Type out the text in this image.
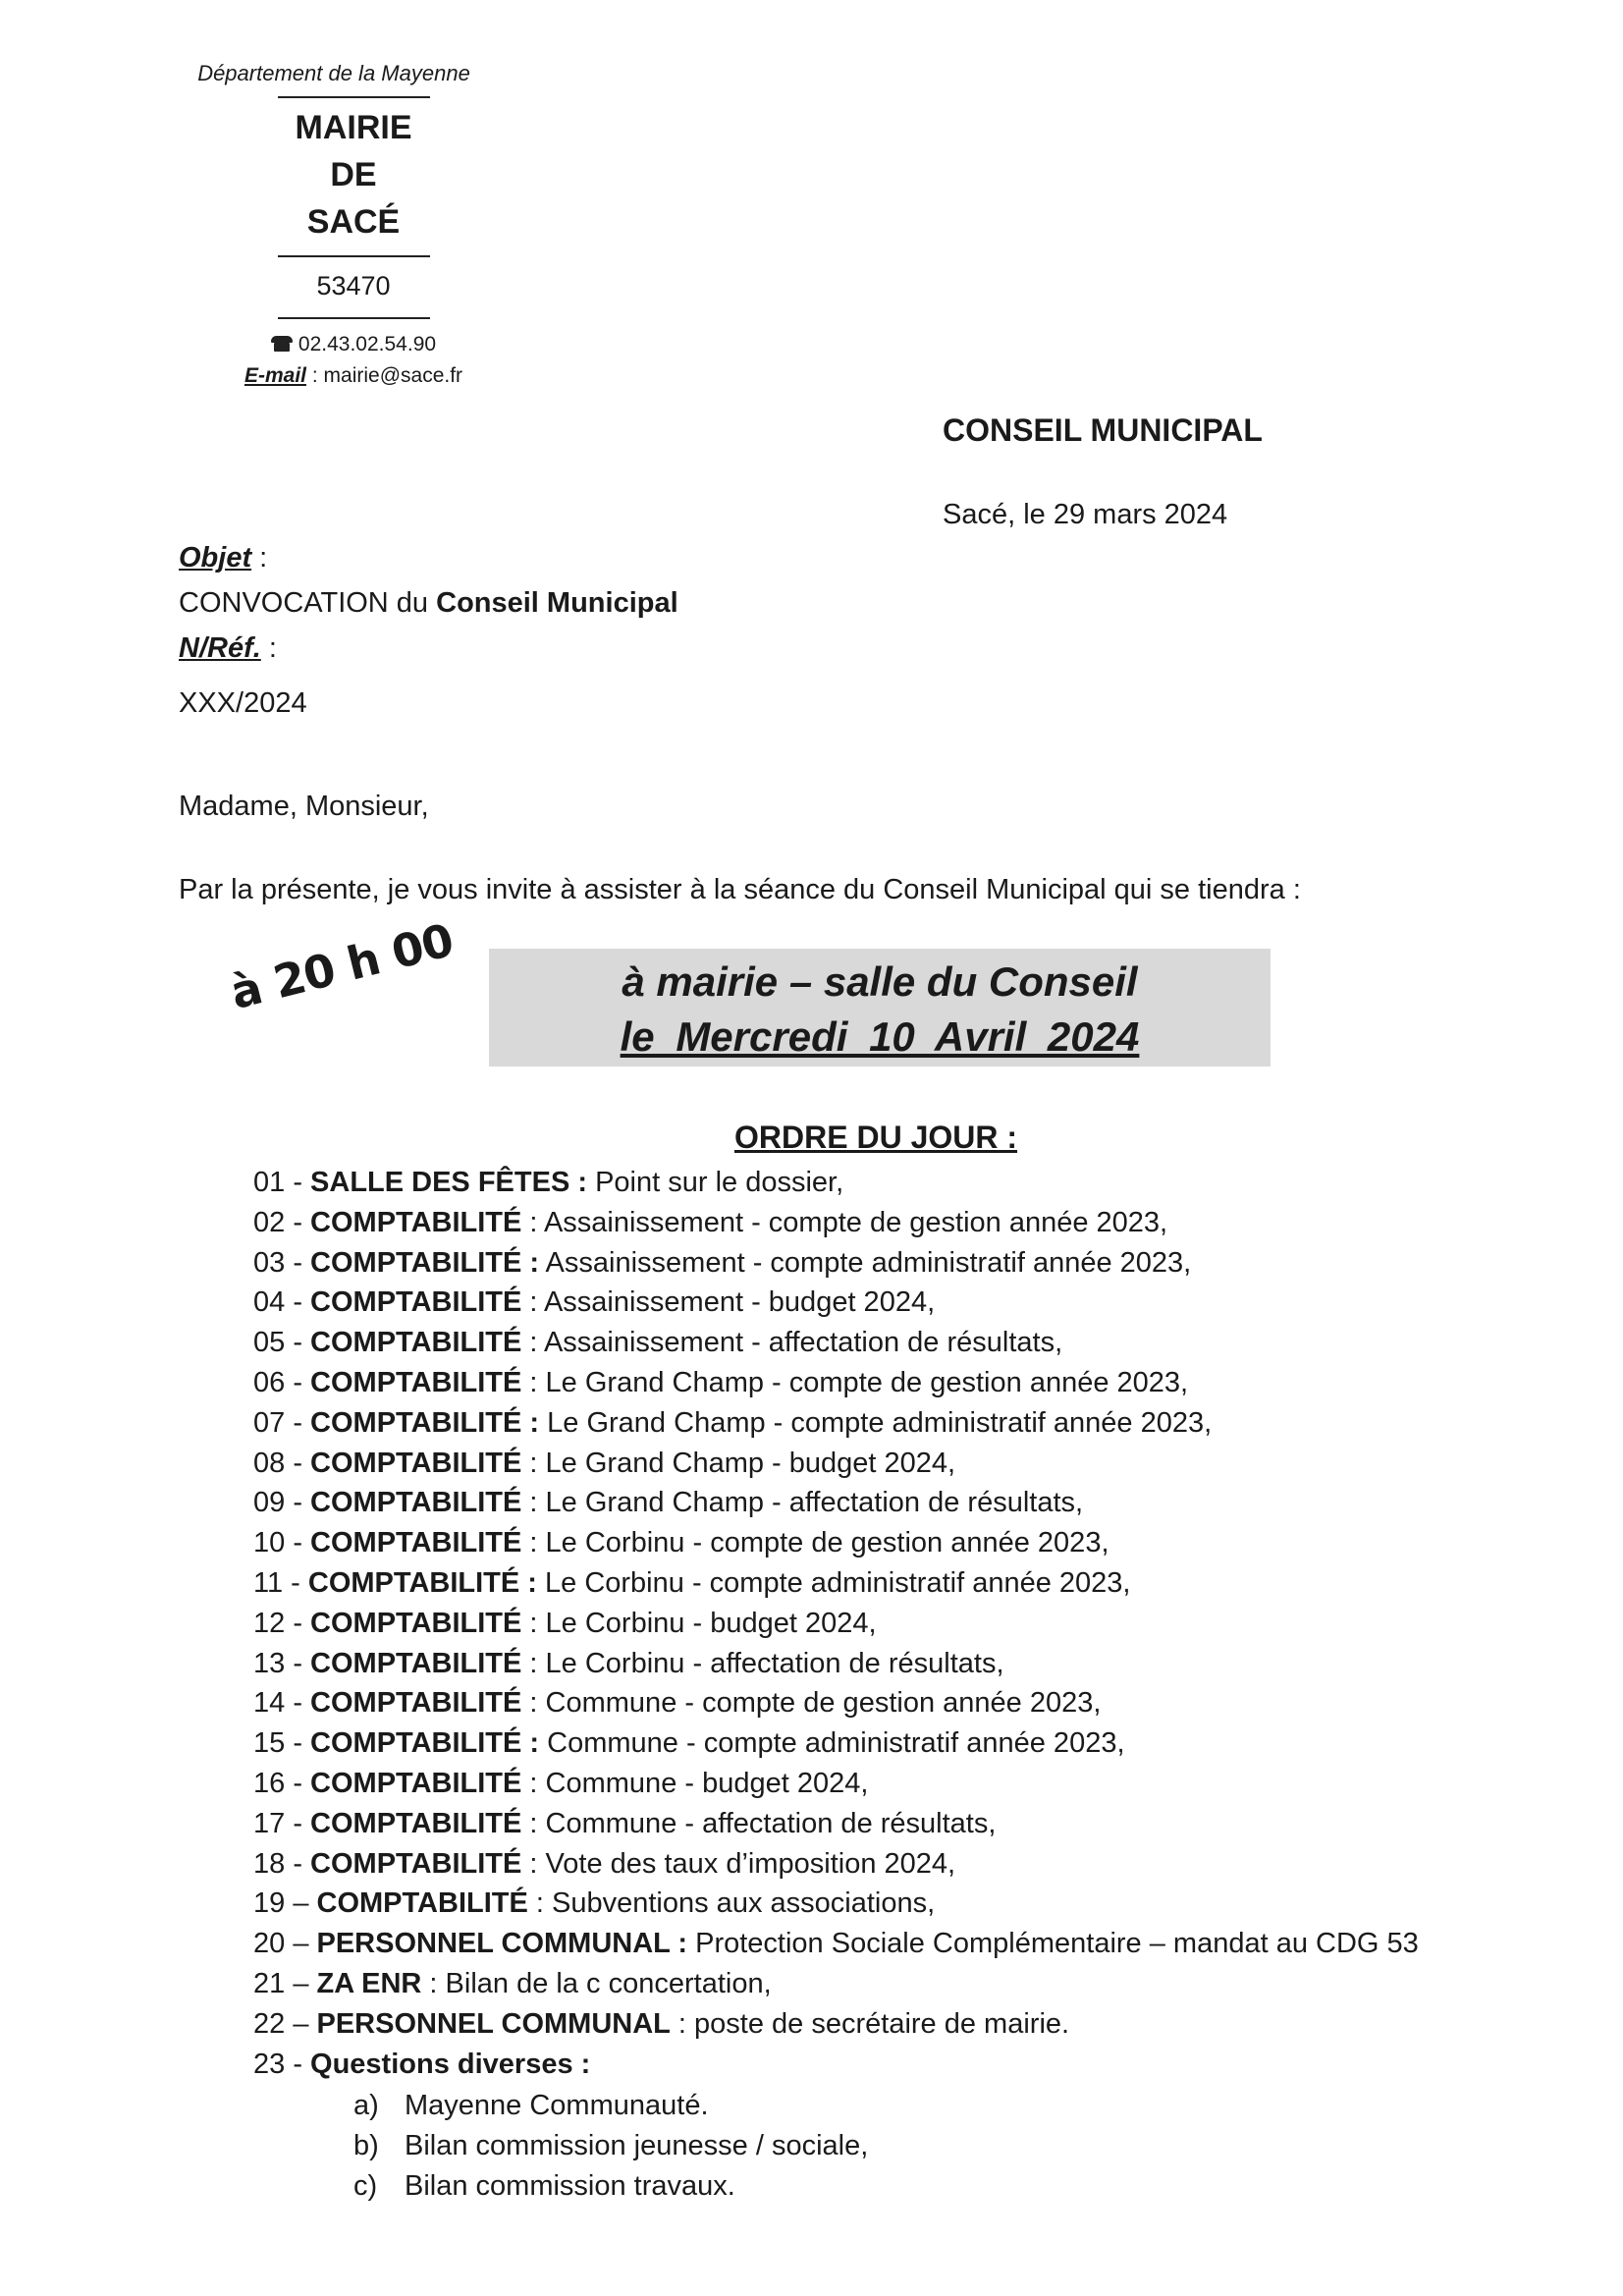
Département de la Mayenne
MAIRIE
DE
SACÉ
53470
02.43.02.54.90
E-mail : mairie@sace.fr
CONSEIL MUNICIPAL
Sacé, le 29 mars 2024
Objet :
CONVOCATION du Conseil Municipal
N/Réf. :
XXX/2024
Madame, Monsieur,
Par la présente, je vous invite à assister à la séance du Conseil Municipal qui se tiendra :
à 20 h 00	à mairie – salle du Conseil
le Mercredi 10 Avril 2024
ORDRE DU JOUR :
01 - SALLE DES FÊTES : Point sur le dossier,
02 - COMPTABILITÉ : Assainissement - compte de gestion année 2023,
03 - COMPTABILITÉ : Assainissement - compte administratif année 2023,
04 - COMPTABILITÉ : Assainissement - budget 2024,
05 - COMPTABILITÉ : Assainissement - affectation de résultats,
06 - COMPTABILITÉ : Le Grand Champ - compte de gestion année 2023,
07 - COMPTABILITÉ : Le Grand Champ - compte administratif année 2023,
08 - COMPTABILITÉ : Le Grand Champ - budget 2024,
09 - COMPTABILITÉ : Le Grand Champ - affectation de résultats,
10 - COMPTABILITÉ : Le Corbinu - compte de gestion année 2023,
11 - COMPTABILITÉ : Le Corbinu - compte administratif année 2023,
12 - COMPTABILITÉ : Le Corbinu - budget 2024,
13 - COMPTABILITÉ : Le Corbinu - affectation de résultats,
14 - COMPTABILITÉ : Commune - compte de gestion année 2023,
15 - COMPTABILITÉ : Commune - compte administratif année 2023,
16 - COMPTABILITÉ : Commune - budget 2024,
17 - COMPTABILITÉ : Commune - affectation de résultats,
18 - COMPTABILITÉ : Vote des taux d’imposition 2024,
19 – COMPTABILITÉ : Subventions aux associations,
20 – PERSONNEL COMMUNAL : Protection Sociale Complémentaire – mandat au CDG 53
21 – ZA ENR : Bilan de la c concertation,
22 – PERSONNEL COMMUNAL : poste de secrétaire de mairie.
23 - Questions diverses :
a) Mayenne Communauté.
b) Bilan commission jeunesse / sociale,
c) Bilan commission travaux.
